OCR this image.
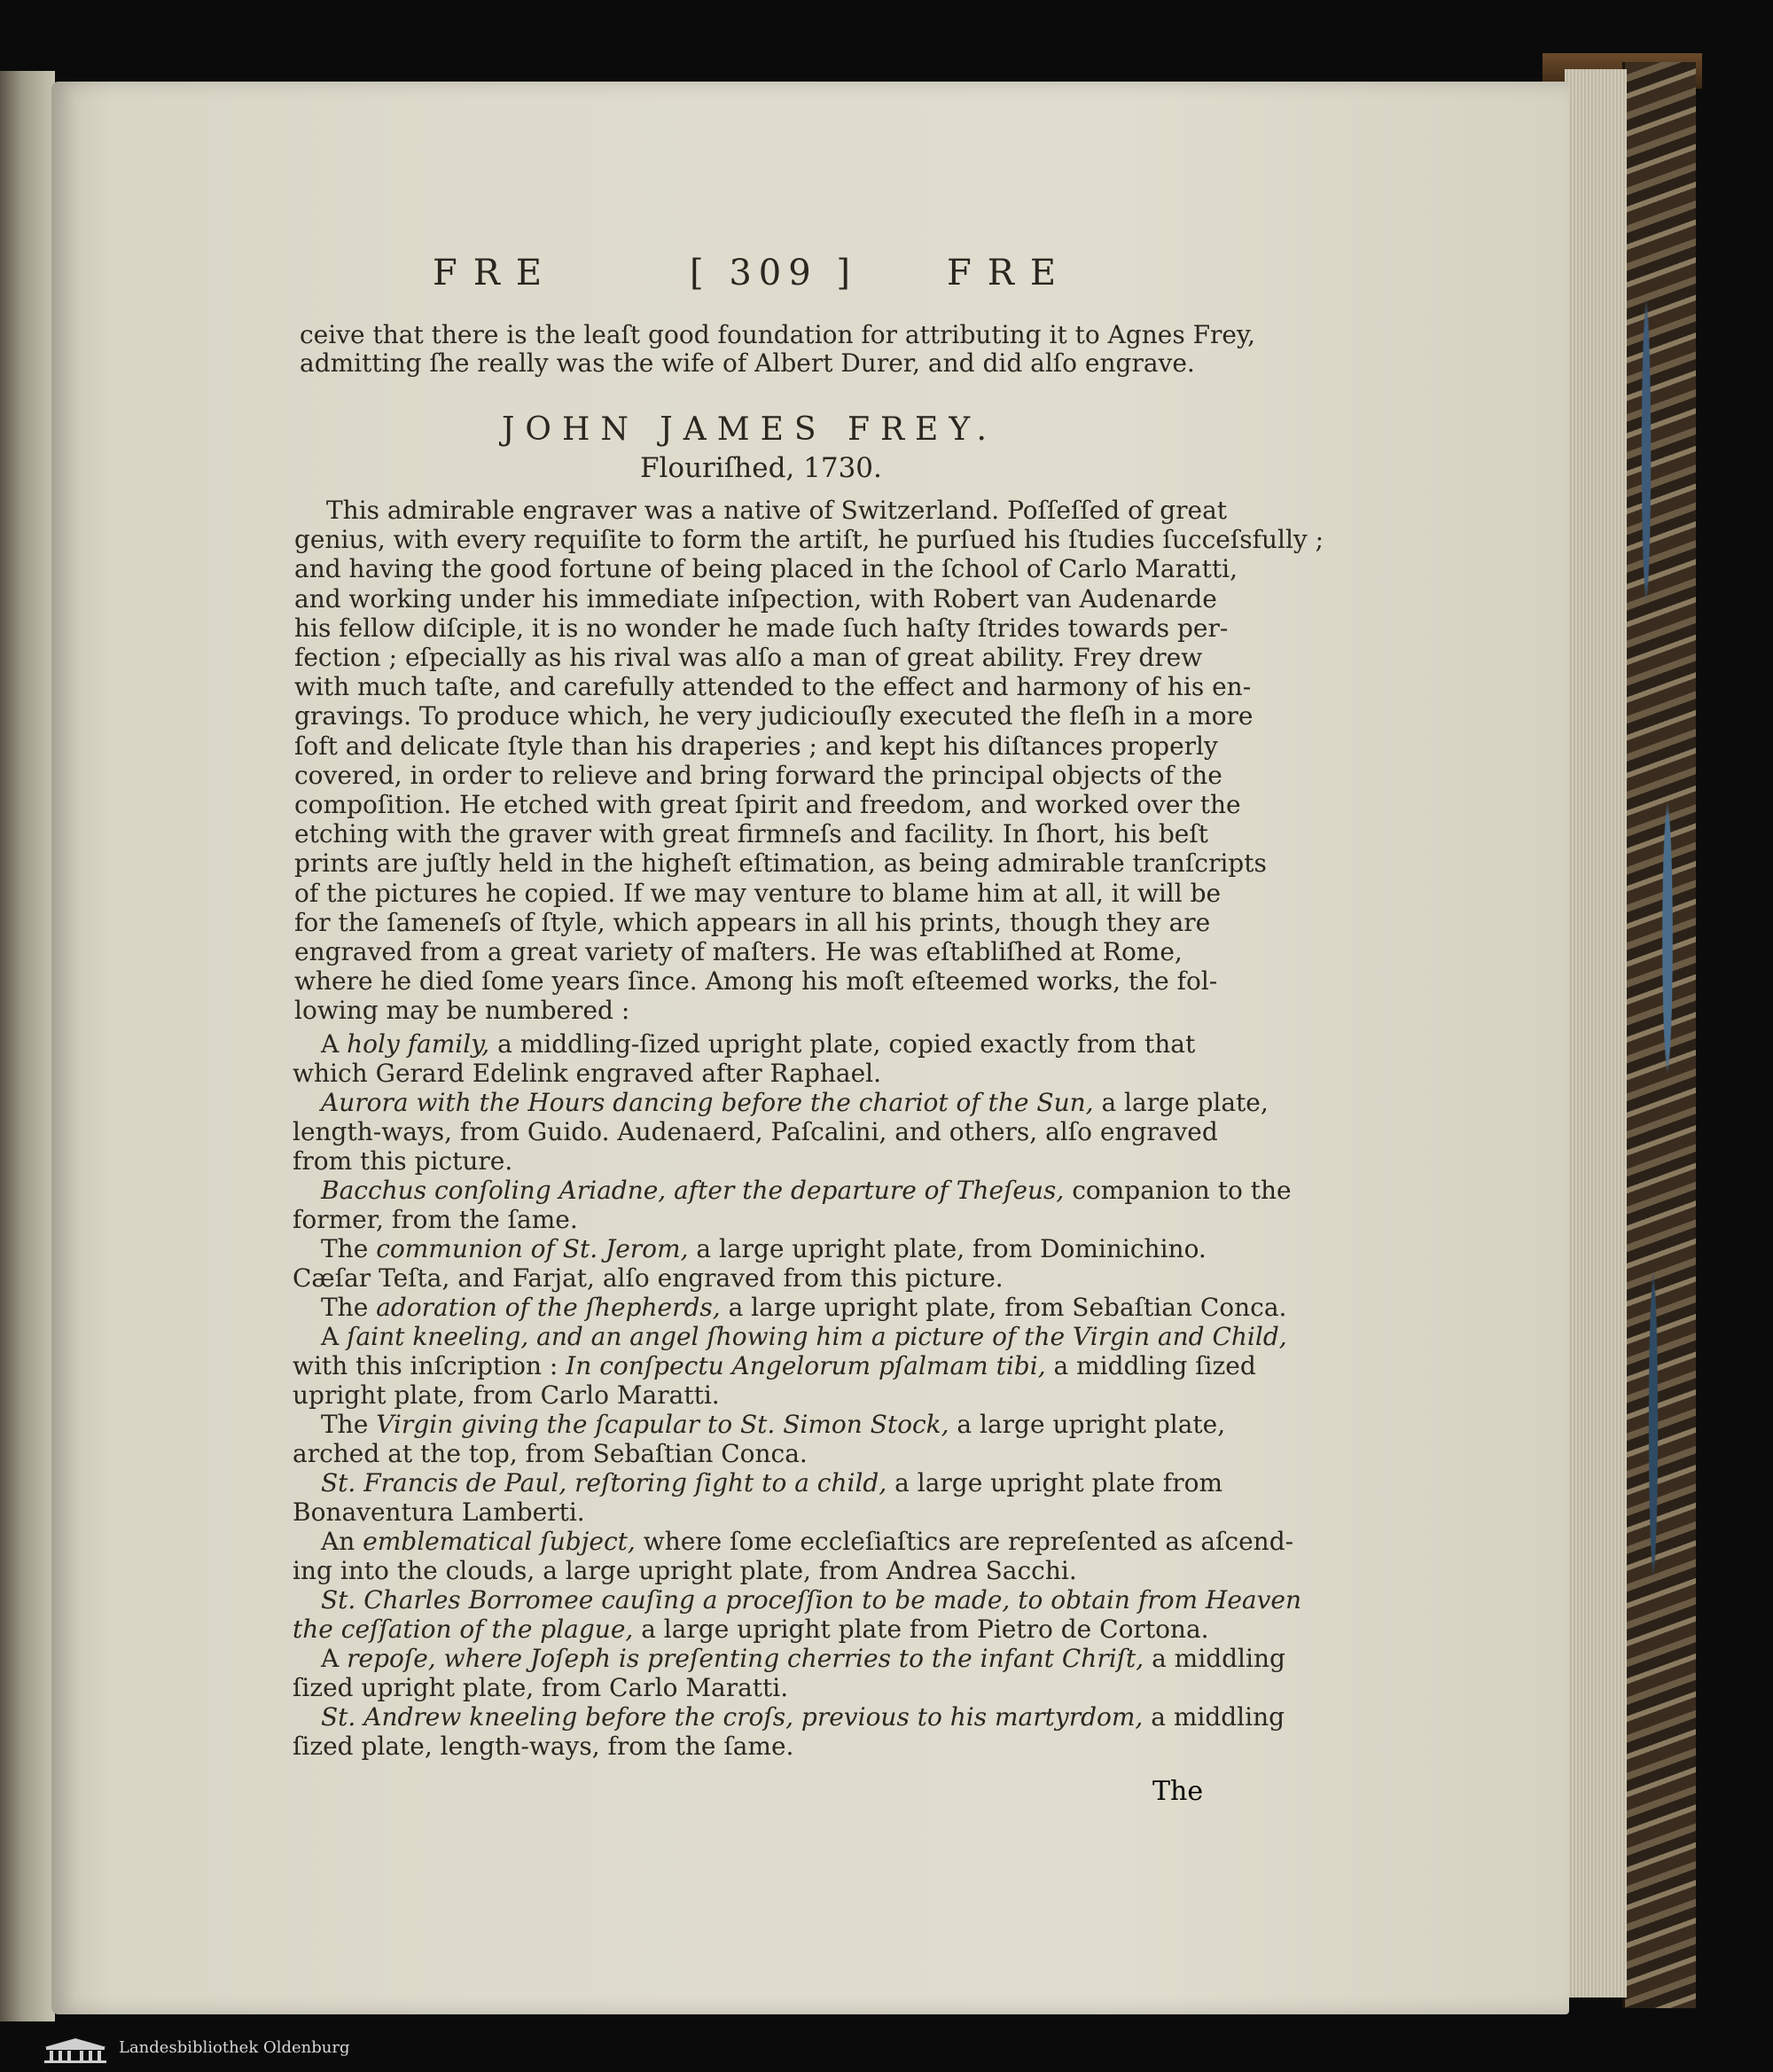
FRE	[ 309 ]	FRE
ceive that there is the leaſt good foundation for attributing it to Agnes Frey,
admitting ſhe really was the wife of Albert Durer, and did alſo engrave.
JOHN JAMES FREY.
Flouriſhed, 1730.
This admirable engraver was a native of Switzerland. Poſſeſſed of great
genius, with every requiſite to form the artiſt, he purſued his ſtudies ſucceſsfully ;
and having the good fortune of being placed in the ſchool of Carlo Maratti,
and working under his immediate inſpection, with Robert van Audenarde
his fellow diſciple, it is no wonder he made ſuch haſty ſtrides towards per-
fection ; eſpecially as his rival was alſo a man of great ability. Frey drew
with much taſte, and carefully attended to the effect and harmony of his en-
gravings. To produce which, he very judiciouſly executed the fleſh in a more
ſoft and delicate ſtyle than his draperies ; and kept his diſtances properly
covered, in order to relieve and bring forward the principal objects of the
compoſition. He etched with great ſpirit and freedom, and worked over the
etching with the graver with great firmneſs and facility. In ſhort, his beſt
prints are juſtly held in the higheſt eſtimation, as being admirable tranſcripts
of the pictures he copied. If we may venture to blame him at all, it will be
for the ſameneſs of ſtyle, which appears in all his prints, though they are
engraved from a great variety of maſters. He was eſtabliſhed at Rome,
where he died ſome years ſince. Among his moſt eſteemed works, the fol-
lowing may be numbered :
A holy family, a middling-ſized upright plate, copied exactly from that
which Gerard Edelink engraved after Raphael.
Aurora with the Hours dancing before the chariot of the Sun, a large plate,
length-ways, from Guido. Audenaerd, Paſcalini, and others, alſo engraved
from this picture.
Bacchus conſoling Ariadne, after the departure of Theſeus, companion to the
former, from the ſame.
The communion of St. Jerom, a large upright plate, from Dominichino.
Cæſar Teſta, and Farjat, alſo engraved from this picture.
The adoration of the ſhepherds, a large upright plate, from Sebaſtian Conca.
A ſaint kneeling, and an angel ſhowing him a picture of the Virgin and Child,
with this inſcription : In conſpectu Angelorum pſalmam tibi, a middling ſized
upright plate, from Carlo Maratti.
The Virgin giving the ſcapular to St. Simon Stock, a large upright plate,
arched at the top, from Sebaſtian Conca.
St. Francis de Paul, reſtoring ſight to a child, a large upright plate from
Bonaventura Lamberti.
An emblematical ſubject, where ſome eccleſiaſtics are repreſented as aſcend-
ing into the clouds, a large upright plate, from Andrea Sacchi.
St. Charles Borromee cauſing a proceſſion to be made, to obtain from Heaven
the ceſſation of the plague, a large upright plate from Pietro de Cortona.
A repoſe, where Joſeph is preſenting cherries to the infant Chriſt, a middling
ſized upright plate, from Carlo Maratti.
St. Andrew kneeling before the croſs, previous to his martyrdom, a middling
ſized plate, length-ways, from the ſame.
The
Landesbibliothek Oldenburg
